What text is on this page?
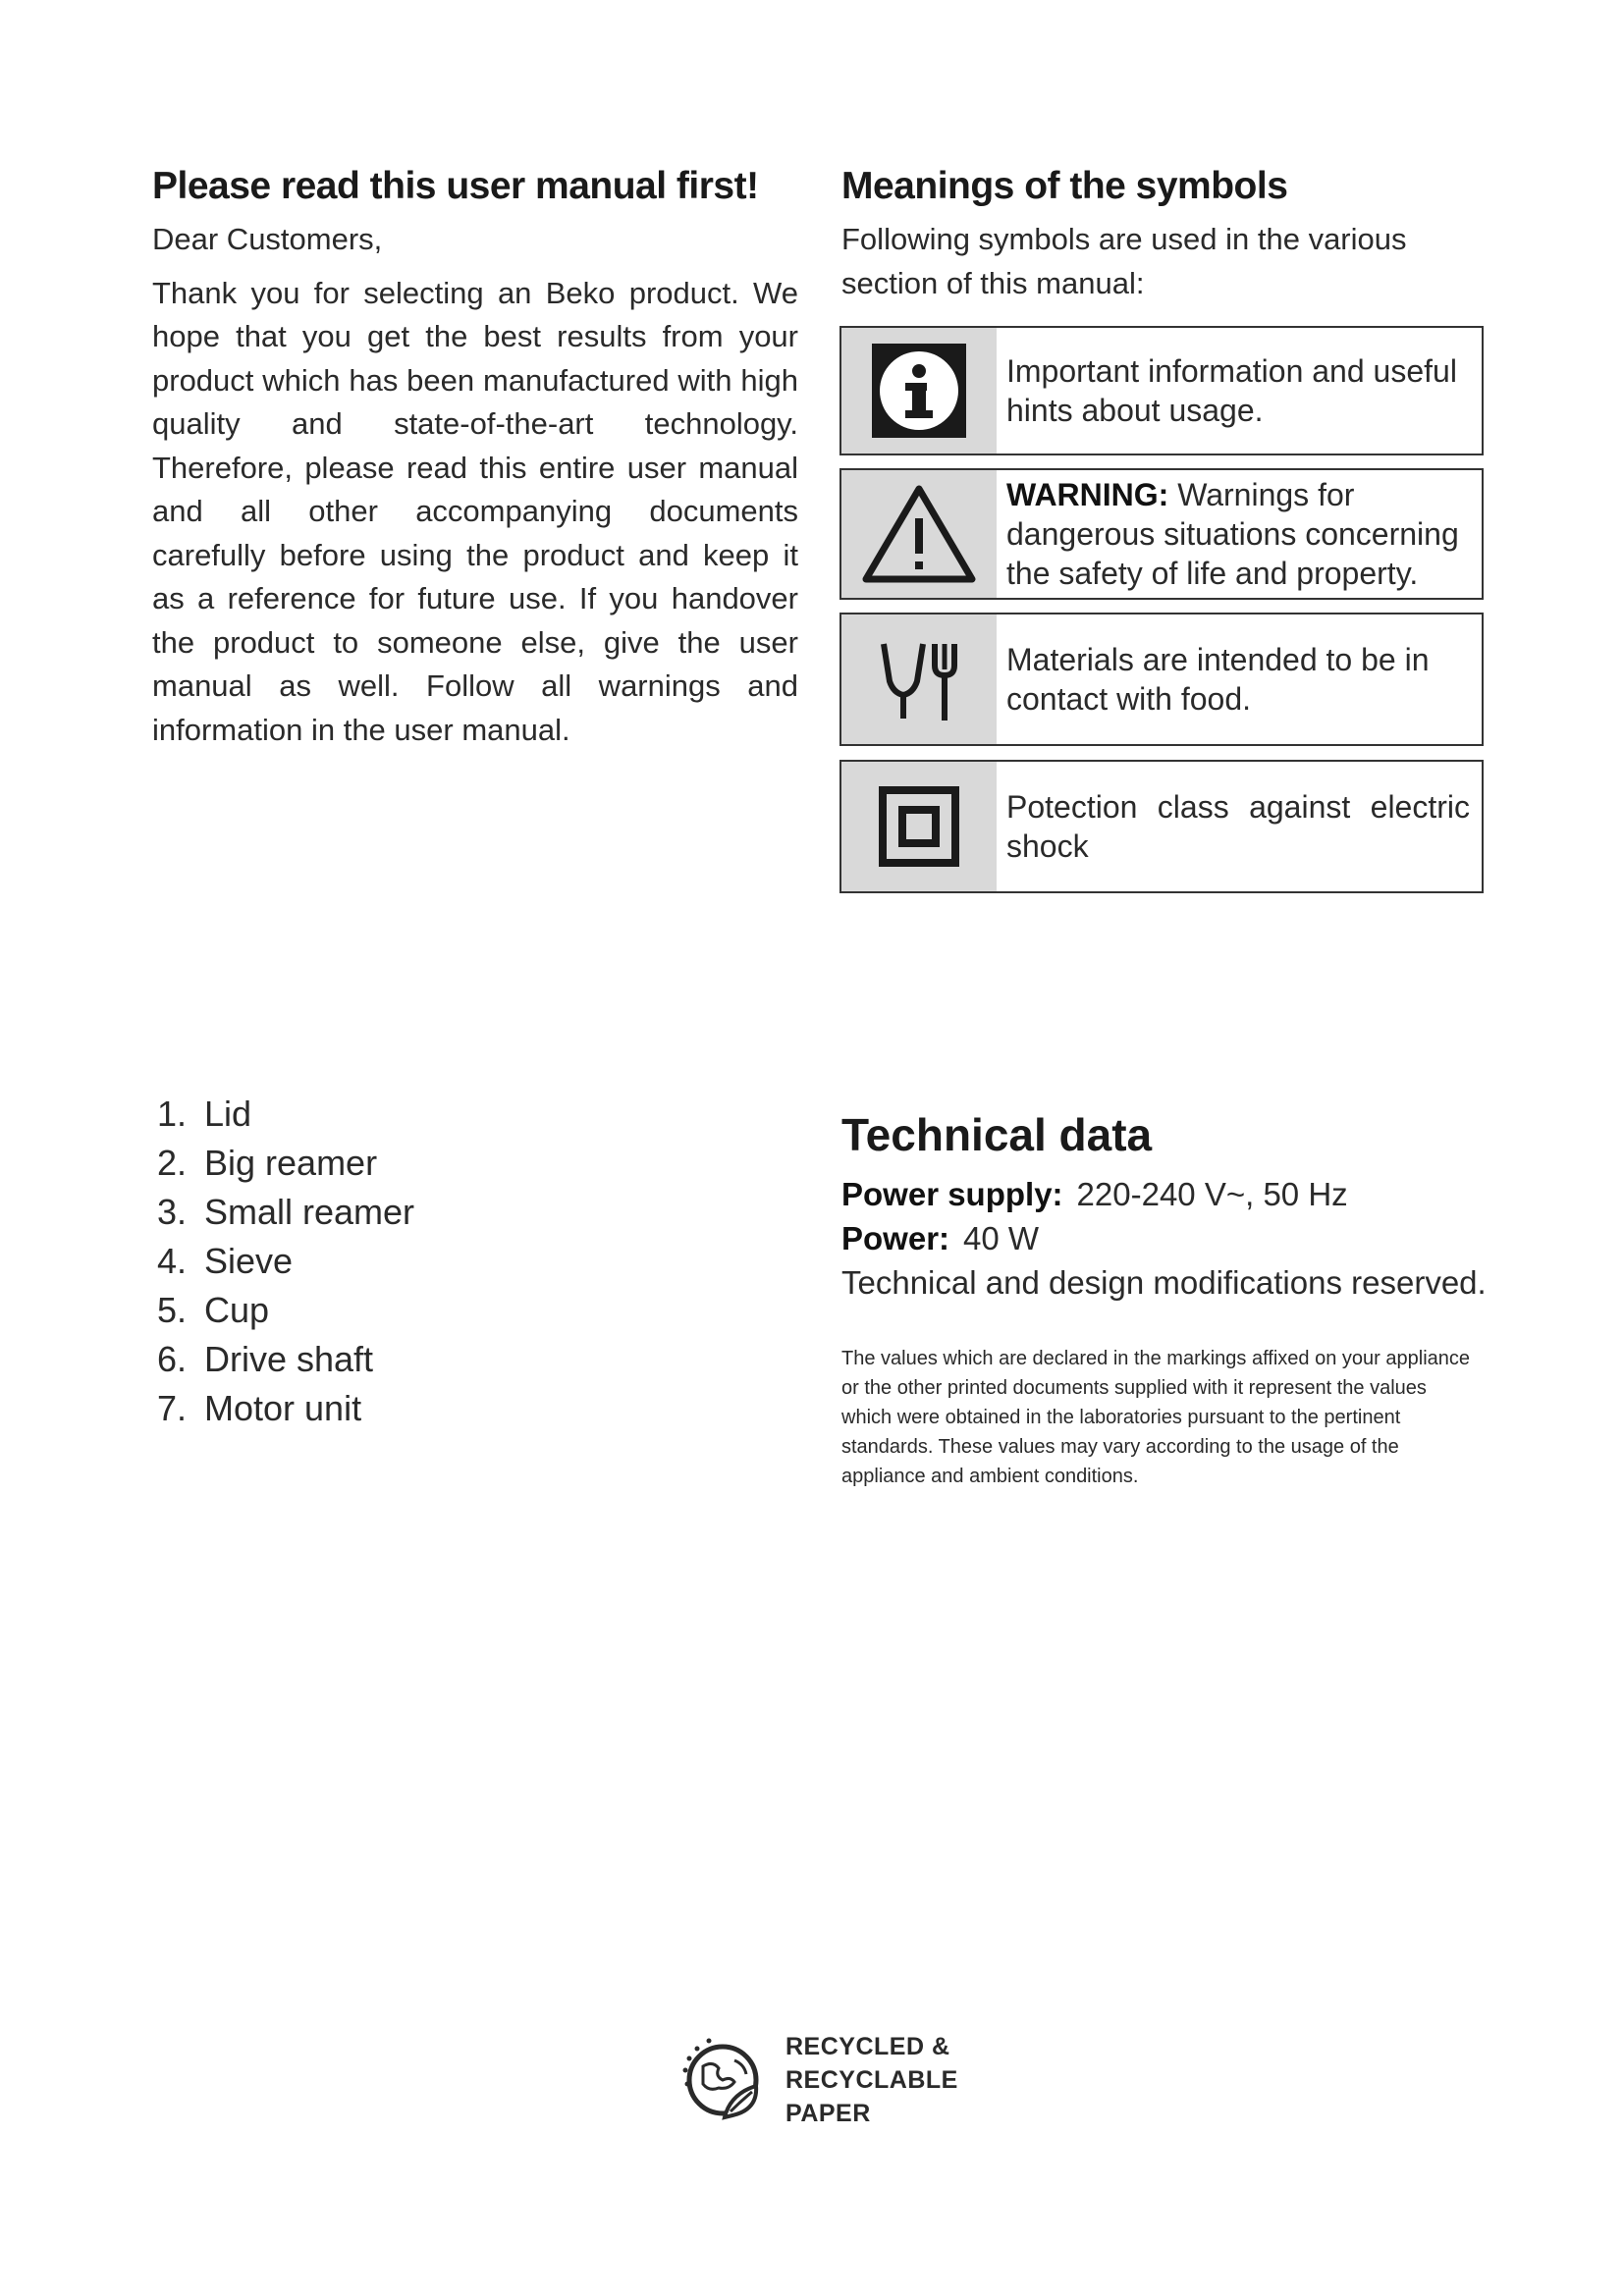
Please read this user manual first!

Dear Customers,

Thank you for selecting an Beko product. We hope that you get the best results from your product which has been manufactured with high quality and state-of-the-art technology. Therefore, please read this entire user manual and all other accompanying documents carefully before using the product and keep it as a reference for future use. If you handover the product to someone else, give the user manual as well. Follow all warnings and information in the user manual.

Meanings of the symbols

Following symbols are used in the various section of this manual:

Important information and useful hints about usage.
WARNING: Warnings for dangerous situations concerning the safety of life and property.
Materials are intended to be in contact with food.
Potection class against electric shock
1. Lid
2. Big reamer
3. Small reamer
4. Sieve
5. Cup
6. Drive shaft
7. Motor unit
Technical data
Power supply: 220-240 V~, 50 Hz
Power: 40 W
Technical and design modifications reserved.
The values which are declared in the markings affixed on your appliance or the other printed documents supplied with it represent the values which were obtained in the laboratories pursuant to the pertinent standards. These values may vary according to the usage of the appliance and ambient conditions.
RECYCLED &
RECYCLABLE
PAPER
